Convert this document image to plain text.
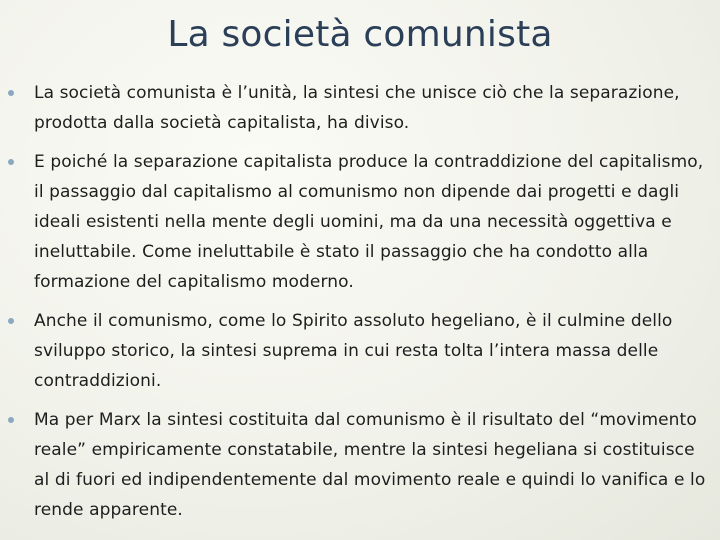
La società comunista
La società comunista è l’unità, la sintesi che unisce ciò che la separazione, prodotta dalla società capitalista, ha diviso.
E poiché la separazione capitalista produce la contraddizione del capitalismo, il passaggio dal capitalismo al comunismo non dipende dai progetti e dagli ideali esistenti nella mente degli uomini, ma da una necessità oggettiva e ineluttabile. Come ineluttabile è stato il passaggio che ha condotto alla formazione del capitalismo moderno.
Anche il comunismo, come lo Spirito assoluto hegeliano, è il culmine dello sviluppo storico, la sintesi suprema in cui resta tolta l’intera massa delle contraddizioni.
Ma per Marx la sintesi costituita dal comunismo è il risultato del “movimento reale” empiricamente constatabile, mentre la sintesi hegeliana si costituisce al di fuori ed indipendentemente dal movimento reale e quindi lo vanifica e lo rende apparente.
